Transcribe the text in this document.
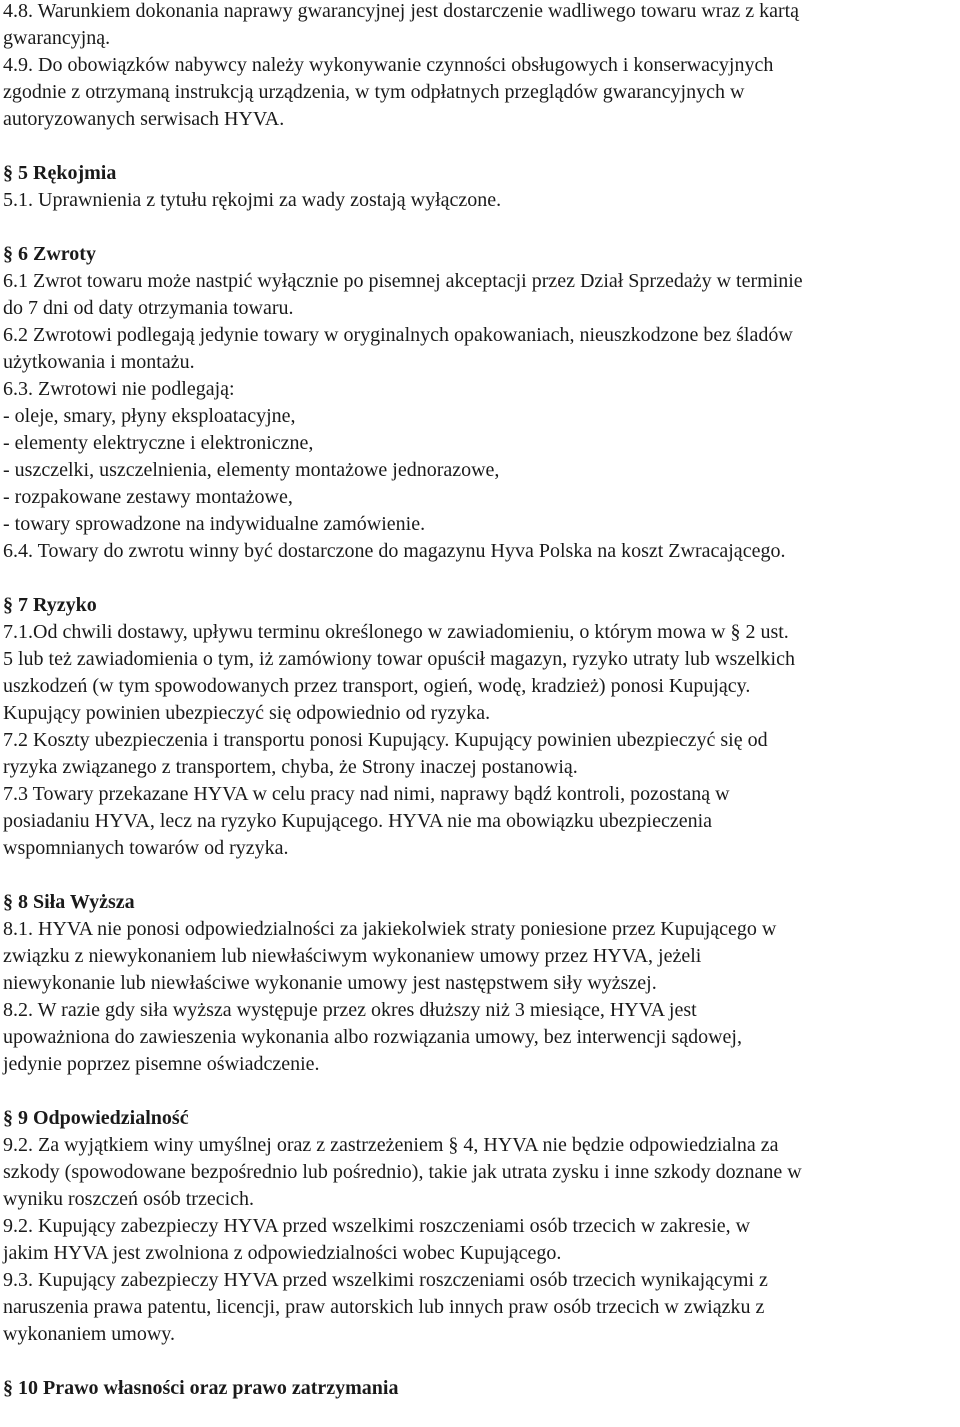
4.8. Warunkiem dokonania naprawy gwarancyjnej jest dostarczenie wadliwego towaru wraz z kartą
gwarancyjną.
4.9. Do obowiązków nabywcy należy wykonywanie czynności obsługowych i konserwacyjnych
zgodnie z otrzymaną instrukcją urządzenia, w tym odpłatnych przeglądów gwarancyjnych w
autoryzowanych serwisach HYVA.
§ 5 Rękojmia
5.1. Uprawnienia z tytułu rękojmi za wady zostają wyłączone.
§ 6 Zwroty
6.1 Zwrot towaru może nastpić wyłącznie po pisemnej akceptacji przez Dział Sprzedaży w terminie
do 7 dni od daty otrzymania towaru.
6.2 Zwrotowi podlegają jedynie towary w oryginalnych opakowaniach, nieuszkodzone bez śladów
użytkowania i montażu.
6.3. Zwrotowi nie podlegają:
- oleje, smary, płyny eksploatacyjne,
- elementy elektryczne i elektroniczne,
- uszczelki, uszczelnienia, elementy montażowe jednorazowe,
- rozpakowane zestawy montażowe,
- towary sprowadzone na indywidualne zamówienie.
6.4. Towary do zwrotu winny być dostarczone do magazynu Hyva Polska na koszt Zwracającego.
§ 7 Ryzyko
7.1.Od chwili dostawy, upływu terminu określonego w zawiadomieniu, o którym mowa w § 2 ust.
5 lub też zawiadomienia o tym, iż zamówiony towar opuścił magazyn, ryzyko utraty lub wszelkich
uszkodzeń (w tym spowodowanych przez transport, ogień, wodę, kradzież) ponosi Kupujący.
Kupujący powinien ubezpieczyć się odpowiednio od ryzyka.
7.2 Koszty ubezpieczenia i transportu ponosi Kupujący. Kupujący powinien ubezpieczyć się od
ryzyka związanego z transportem, chyba, że Strony inaczej postanowią.
7.3 Towary przekazane HYVA w celu pracy nad nimi, naprawy bądź kontroli, pozostaną w
posiadaniu HYVA, lecz na ryzyko Kupującego. HYVA nie ma obowiązku ubezpieczenia
wspomnianych towarów od ryzyka.
§ 8 Siła Wyższa
8.1. HYVA nie ponosi odpowiedzialności za jakiekolwiek straty poniesione przez Kupującego w
związku z niewykonaniem lub niewłaściwym wykonaniew umowy przez HYVA, jeżeli
niewykonanie lub niewłaściwe wykonanie umowy jest następstwem siły wyższej.
8.2. W razie gdy siła wyższa występuje przez okres dłuższy niż 3 miesiące, HYVA jest
upoważniona do zawieszenia wykonania albo rozwiązania umowy, bez interwencji sądowej,
jedynie poprzez pisemne oświadczenie.
§ 9 Odpowiedzialność
9.2. Za wyjątkiem winy umyślnej oraz z zastrzeżeniem § 4, HYVA nie będzie odpowiedzialna za
szkody (spowodowane bezpośrednio lub pośrednio), takie jak utrata zysku i inne szkody doznane w
wyniku roszczeń osób trzecich.
9.2. Kupujący zabezpieczy HYVA przed wszelkimi roszczeniami osób trzecich w zakresie, w
jakim HYVA jest zwolniona z odpowiedzialności wobec Kupującego.
9.3. Kupujący zabezpieczy HYVA przed wszelkimi roszczeniami osób trzecich wynikającymi z
naruszenia prawa patentu, licencji, praw autorskich lub innych praw osób trzecich w związku z
wykonaniem umowy.
§ 10 Prawo własności oraz prawo zatrzymania
